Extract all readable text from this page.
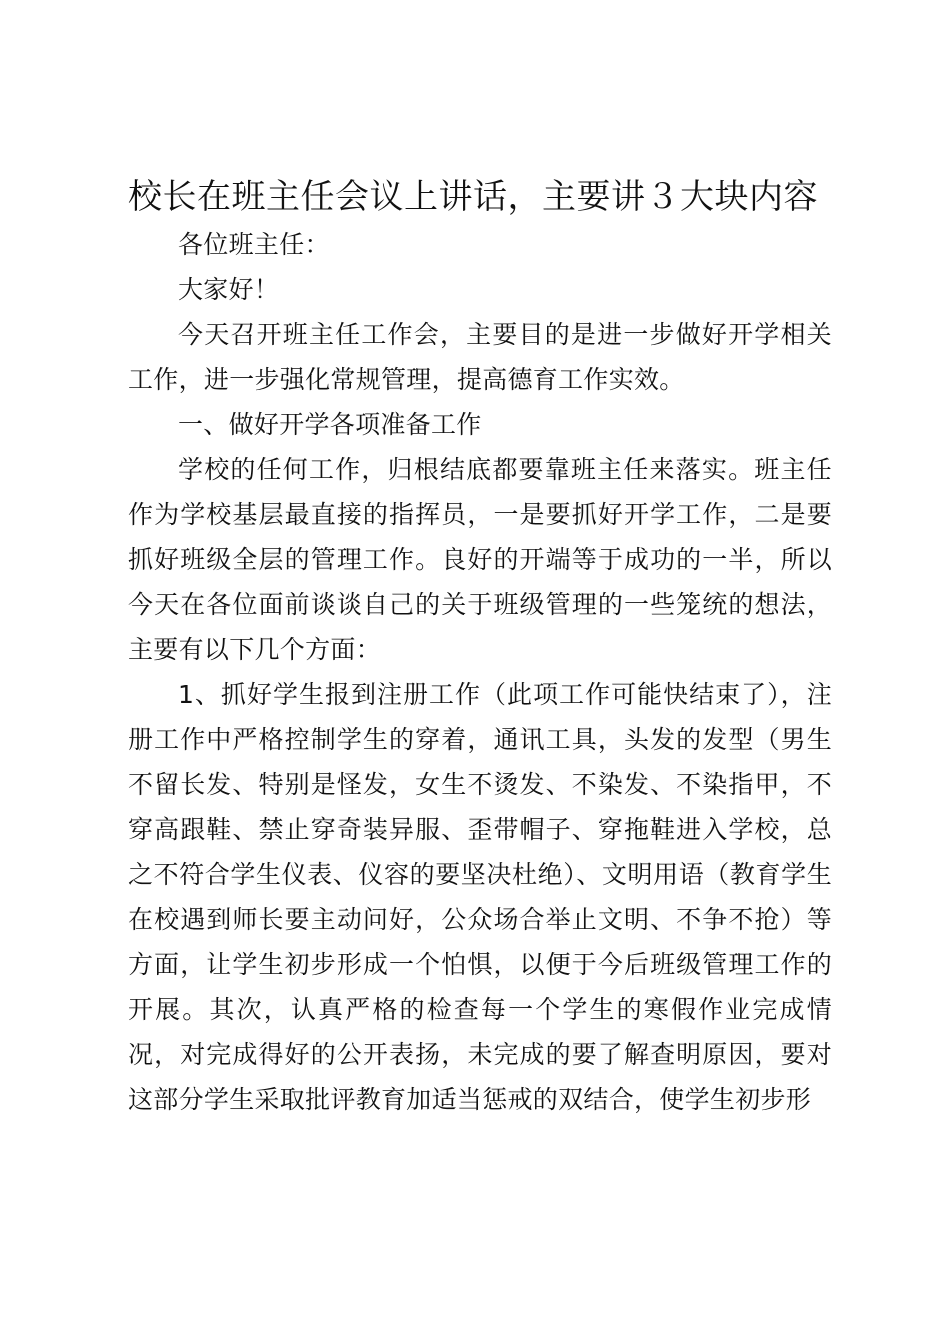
校长在班主任会议上讲话，主要讲３大块内容

各位班主任：

大家好！

今天召开班主任工作会，主要目的是进一步做好开学相关工作，进一步强化常规管理，提高德育工作实效。

一、做好开学各项准备工作

学校的任何工作，归根结底都要靠班主任来落实。班主任作为学校基层最直接的指挥员，一是要抓好开学工作，二是要抓好班级全层的管理工作。良好的开端等于成功的一半，所以今天在各位面前谈谈自己的关于班级管理的一些笼统的想法，主要有以下几个方面：

1、抓好学生报到注册工作（此项工作可能快结束了），注册工作中严格控制学生的穿着，通讯工具，头发的发型（男生不留长发、特别是怪发，女生不烫发、不染发、不染指甲，不穿高跟鞋、禁止穿奇装异服、歪带帽子、穿拖鞋进入学校，总之不符合学生仪表、仪容的要坚决杜绝）、文明用语（教育学生在校遇到师长要主动问好，公众场合举止文明、不争不抢）等方面，让学生初步形成一个怕惧，以便于今后班级管理工作的开展。其次，认真严格的检查每一个学生的寒假作业完成情况，对完成得好的公开表扬，未完成的要了解查明原因，要对这部分学生采取批评教育加适当惩戒的双结合，使学生初步形
